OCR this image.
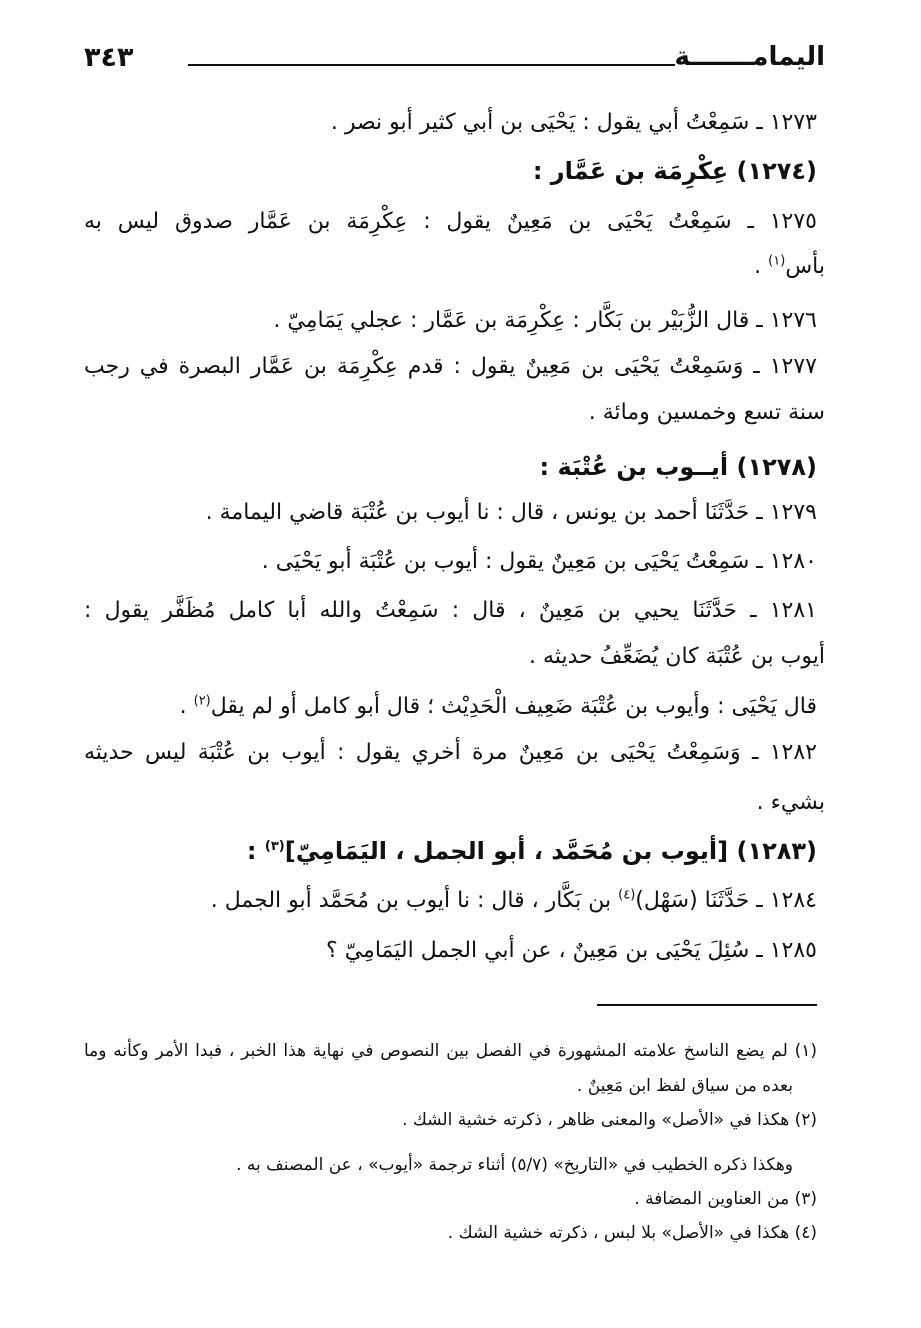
٣٤٣	اليمامـــــــة
١٢٧٣ ـ سَمِعْتُ أبي يقول : يَحْيَى بن أبي كثير أبو نصر .
(١٢٧٤) عِكْرِمَة بن عَمَّار :
١٢٧٥ ـ سَمِعْتُ يَحْيَى بن مَعِينٌ يقول : عِكْرِمَة بن عَمَّار صدوق ليس به
بأس$^{(١)}$ .
١٢٧٦ ـ قال الزُّبَيْر بن بَكَّار : عِكْرِمَة بن عَمَّار : عجلي يَمَامِيّ .
١٢٧٧ ـ وَسَمِعْتُ يَحْيَى بن مَعِينٌ يقول : قدم عِكْرِمَة بن عَمَّار البصرة في رجب
سنة تسع وخمسين ومائة .
(١٢٧٨) أيــوب بن عُتْبَة :
١٢٧٩ ـ حَدَّثَنَا أحمد بن يونس ، قال : نا أيوب بن عُتْبَة قاضي اليمامة .
١٢٨٠ ـ سَمِعْتُ يَحْيَى بن مَعِينٌ يقول : أيوب بن عُتْبَة أبو يَحْيَى .
١٢٨١ ـ حَدَّثَنَا يحيي بن مَعِينٌ ، قال : سَمِعْتُ والله أبا كامل مُظَفَّر يقول :
أيوب بن عُتْبَة كان يُضَعِّفُ حديثه .
قال يَحْيَى : وأيوب بن عُتْبَة ضَعِيف الْحَدِيْث ؛ قال أبو كامل أو لم يقل$^{(٢)}$ .
١٢٨٢ ـ وَسَمِعْتُ يَحْيَى بن مَعِينٌ مرة أخري يقول : أيوب بن عُتْبَة ليس حديثه
بشيء .
(١٢٨٣) [أيوب بن مُحَمَّد ، أبو الجمل ، اليَمَامِيّ]$^{(٣)}$ :
١٢٨٤ ـ حَدَّثَنَا (سَهْل)$^{(٤)}$ بن بَكَّار ، قال : نا أيوب بن مُحَمَّد أبو الجمل .
١٢٨٥ ـ سُئِلَ يَحْيَى بن مَعِينٌ ، عن أبي الجمل اليَمَامِيّ ؟
(١) لم يضع الناسخ علامته المشهورة في الفصل بين النصوص في نهاية هذا الخبر ، فبدا الأمر وكأنه وما
بعده من سياق لفظ ابن مَعِينٌ .
(٢) هكذا في «الأصل» والمعنى ظاهر ، ذكرته خشية الشك .
وهكذا ذكره الخطيب في «التاريخ» (٥/٧) أثناء ترجمة «أيوب» ، عن المصنف به .
(٣) من العناوين المضافة .
(٤) هكذا في «الأصل» بلا لبس ، ذكرته خشية الشك .
